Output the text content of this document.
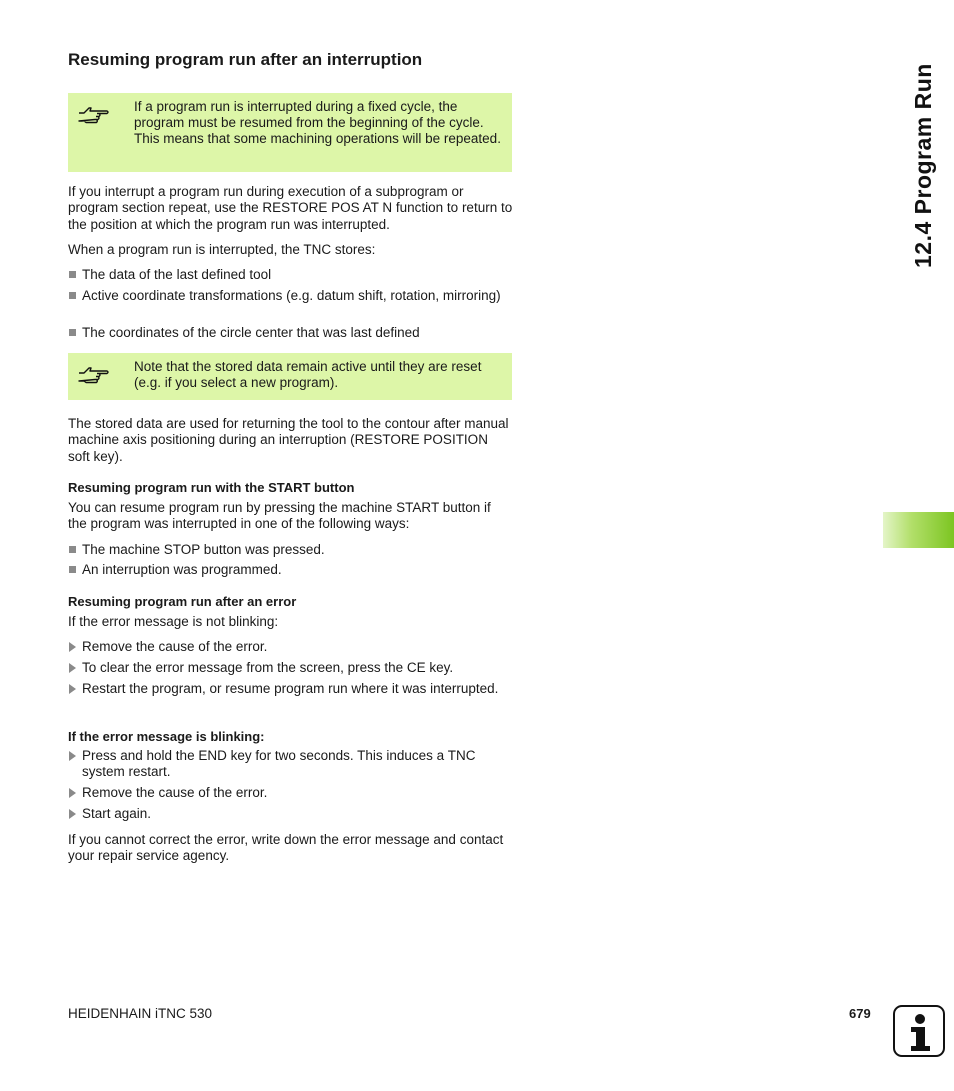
Resuming program run after an interruption
12.4 Program Run
If a program run is interrupted during a fixed cycle, the program must be resumed from the beginning of the cycle. This means that some machining operations will be repeated.

If you interrupt a program run during execution of a subprogram or program section repeat, use the RESTORE POS AT N function to return to the position at which the program run was interrupted.

When a program run is interrupted, the TNC stores:

The data of the last defined tool
Active coordinate transformations (e.g. datum shift, rotation, mirroring)
The coordinates of the circle center that was last defined
Note that the stored data remain active until they are reset (e.g. if you select a new program).

The stored data are used for returning the tool to the contour after manual machine axis positioning during an interruption (RESTORE POSITION soft key).

Resuming program run with the START button

You can resume program run by pressing the machine START button if the program was interrupted in one of the following ways:

The machine STOP button was pressed.
An interruption was programmed.
Resuming program run after an error

If the error message is not blinking:

Remove the cause of the error.
To clear the error message from the screen, press the CE key.
Restart the program, or resume program run where it was interrupted.
If the error message is blinking:
Press and hold the END key for two seconds. This induces a TNC system restart.
Remove the cause of the error.
Start again.

If you cannot correct the error, write down the error message and contact your repair service agency.

HEIDENHAIN iTNC 530	679
